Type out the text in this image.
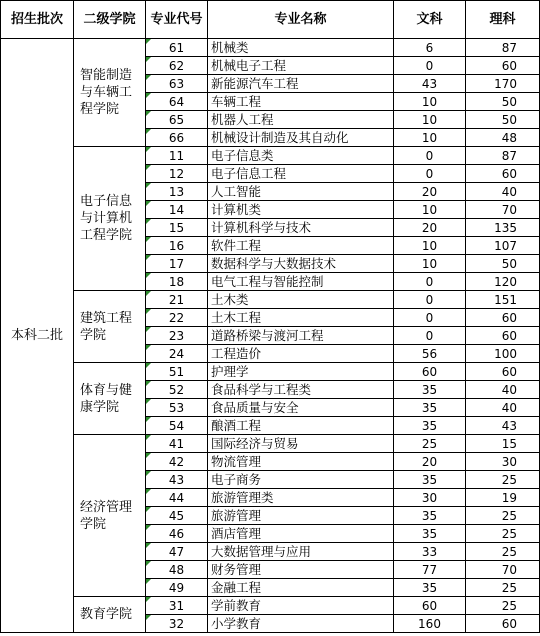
招生批次	二级学院	专业代号	专业名称	文科	理科
本科二批	智能制造与车辆工程学院	61	机械类	6	87
		62	机械电子工程	0	60
		63	新能源汽车工程	43	170
		64	车辆工程	10	50
		65	机器人工程	10	50
		66	机械设计制造及其自动化	10	48
	电子信息与计算机工程学院	11	电子信息类	0	87
		12	电子信息工程	0	60
		13	人工智能	20	40
		14	计算机类	10	70
		15	计算机科学与技术	20	135
		16	软件工程	10	107
		17	数据科学与大数据技术	10	50
		18	电气工程与智能控制	0	120
	建筑工程学院	21	土木类	0	151
		22	土木工程	0	60
		23	道路桥梁与渡河工程	0	60
		24	工程造价	56	100
	体育与健康学院	51	护理学	60	60
		52	食品科学与工程类	35	40
		53	食品质量与安全	35	40
		54	酿酒工程	35	43
	经济管理学院	41	国际经济与贸易	25	15
		42	物流管理	20	30
		43	电子商务	35	25
		44	旅游管理类	30	19
		45	旅游管理	35	25
		46	酒店管理	35	25
		47	大数据管理与应用	33	25
		48	财务管理	77	70
		49	金融工程	35	25
	教育学院	31	学前教育	60	25
		32	小学教育	160	60
